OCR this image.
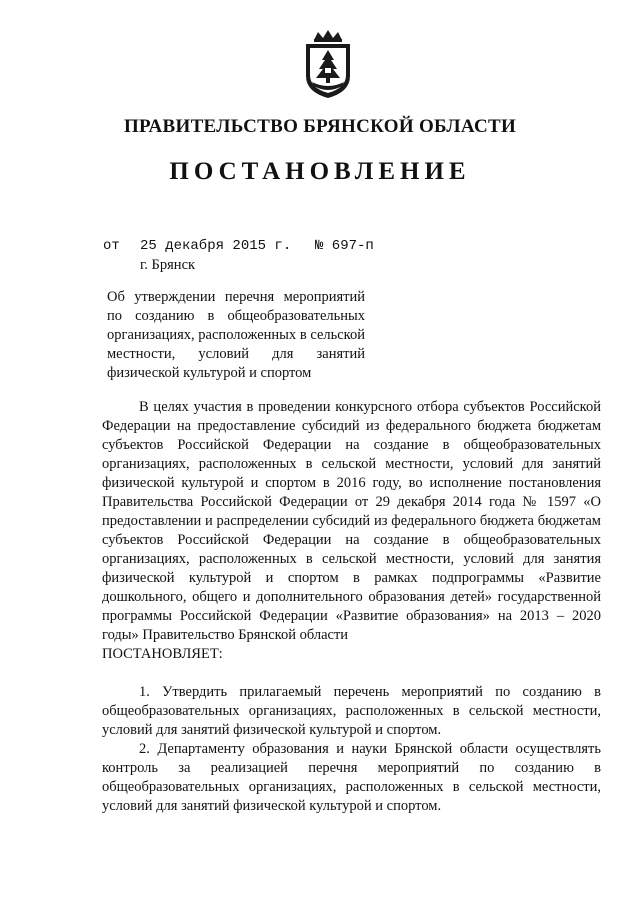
ПРАВИТЕЛЬСТВО БРЯНСКОЙ ОБЛАСТИ
ПОСТАНОВЛЕНИЕ
от 25 декабря 2015 г. № 697-п
г. Брянск
Об утверждении перечня мероприятий по созданию в общеобразовательных организациях, расположенных в сельской местности, условий для занятий физической культурой и спортом

В целях участия в проведении конкурсного отбора субъектов Российской Федерации на предоставление субсидий из федерального бюджета бюджетам субъектов Российской Федерации на создание в общеобразовательных организациях, расположенных в сельской местности, условий для занятий физической культурой и спортом в 2016 году, во исполнение постановления Правительства Российской Федерации от 29 декабря 2014 года № 1597 «О предоставлении и распределении субсидий из федерального бюджета бюджетам субъектов Российской Федерации на создание в общеобразовательных организациях, расположенных в сельской местности, условий для занятия физической культурой и спортом в рамках подпрограммы «Развитие дошкольного, общего и дополнительного образования детей» государственной программы Российской Федерации «Развитие образования» на 2013 – 2020 годы» Правительство Брянской области

ПОСТАНОВЛЯЕТ:

1. Утвердить прилагаемый перечень мероприятий по созданию в общеобразовательных организациях, расположенных в сельской местности, условий для занятий физической культурой и спортом.

2. Департаменту образования и науки Брянской области осуществлять контроль за реализацией перечня мероприятий по созданию в общеобразовательных организациях, расположенных в сельской местности, условий для занятий физической культурой и спортом.
